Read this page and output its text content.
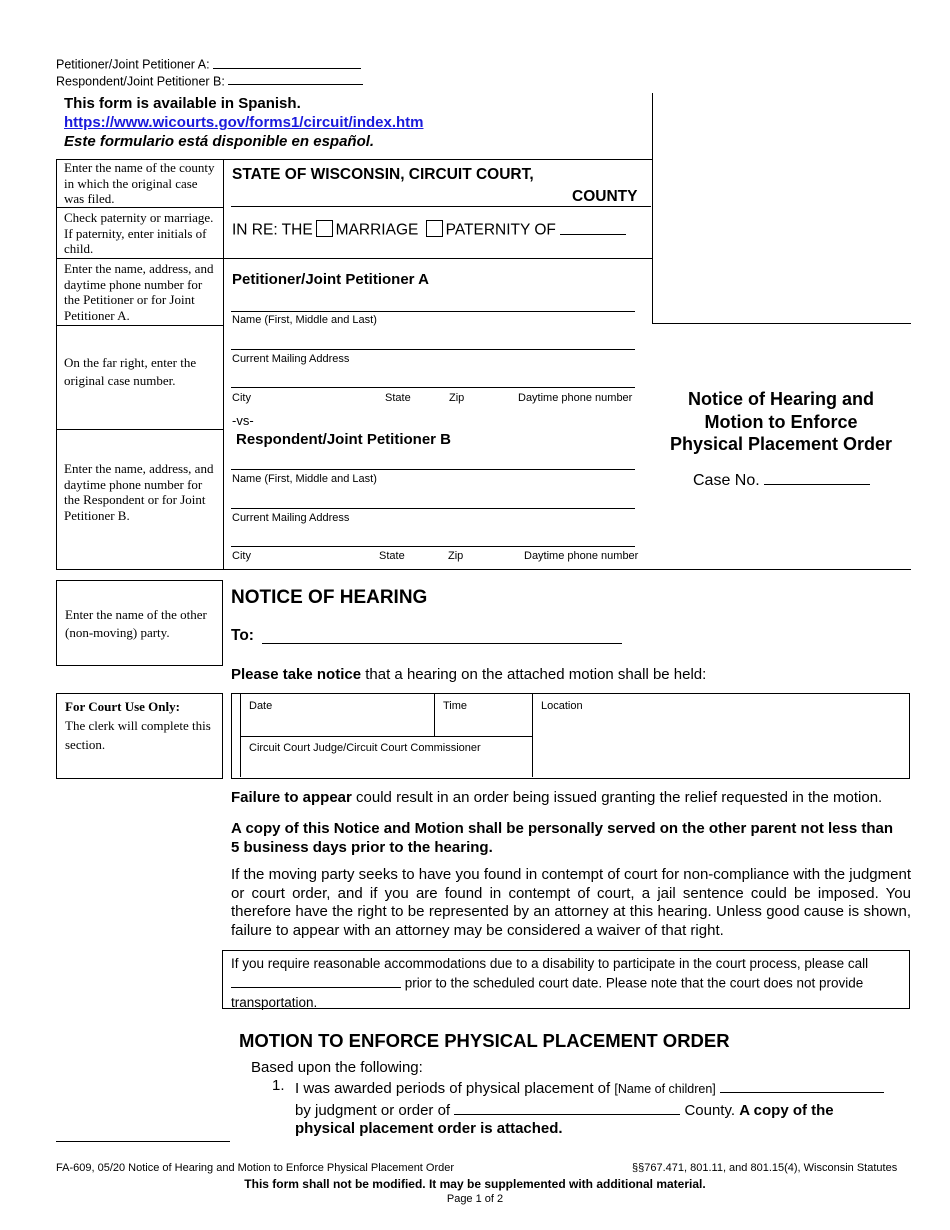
Petitioner/Joint Petitioner A:
Respondent/Joint Petitioner B:
This form is available in Spanish.
https://www.wicourts.gov/forms1/circuit/index.htm
Este formulario está disponible en español.
Enter the name of the county in which the original case was filed.
Check paternity or marriage. If paternity, enter initials of child.
Enter the name, address, and daytime phone number for the Petitioner or for Joint Petitioner A.
On the far right, enter the original case number.
Enter the name, address, and daytime phone number for the Respondent or for Joint Petitioner B.
STATE OF WISCONSIN, CIRCUIT COURT,
COUNTY
IN RE: THE MARRIAGE PATERNITY OF
Petitioner/Joint Petitioner A
Name (First, Middle and Last)
Current Mailing Address
City	State	Zip	Daytime phone number
-vs-
Respondent/Joint Petitioner B
Name (First, Middle and Last)
Current Mailing Address
City	State	Zip	Daytime phone number
Notice of Hearing and
Motion to Enforce
Physical Placement Order
Case No.
Enter the name of the other (non-moving) party.
NOTICE OF HEARING
To:
Please take notice that a hearing on the attached motion shall be held:
For Court Use Only:
The clerk will complete this section.
Date	Time	Location
Circuit Court Judge/Circuit Court Commissioner
Failure to appear could result in an order being issued granting the relief requested in the motion.
A copy of this Notice and Motion shall be personally served on the other parent not less than 5 business days prior to the hearing.
If the moving party seeks to have you found in contempt of court for non-compliance with the judgment or court order, and if you are found in contempt of court, a jail sentence could be imposed. You therefore have the right to be represented by an attorney at this hearing. Unless good cause is shown, failure to appear with an attorney may be considered a waiver of that right.
If you require reasonable accommodations due to a disability to participate in the court process, please call
prior to the scheduled court date. Please note that the court does not provide
transportation.
MOTION TO ENFORCE PHYSICAL PLACEMENT ORDER
Based upon the following:
1. I was awarded periods of physical placement of [Name of children]
by judgment or order of	County. A copy of the
physical placement order is attached.
FA-609, 05/20 Notice of Hearing and Motion to Enforce Physical Placement Order	§§767.471, 801.11, and 801.15(4), Wisconsin Statutes
This form shall not be modified. It may be supplemented with additional material.
Page 1 of 2
